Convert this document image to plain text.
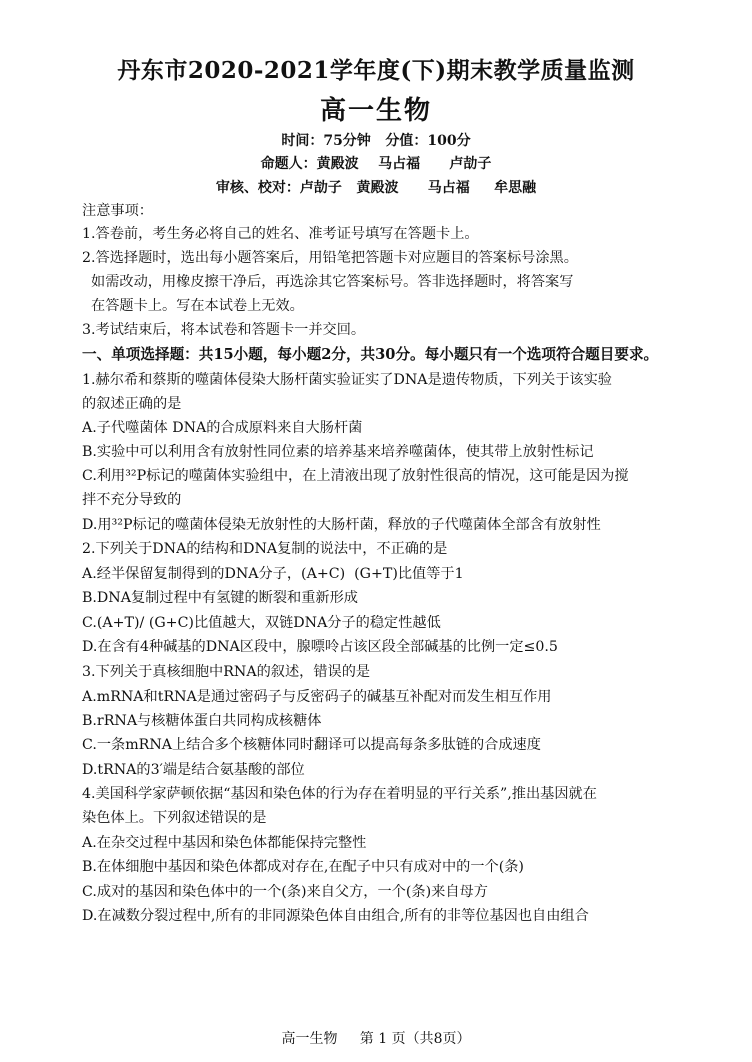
丹东市2020-2021学年度(下)期末教学质量监测
高一生物
时间：75分钟   分值：100分
命题人：黄殿波    马占福      卢劼子
审核、校对：卢劼子   黄殿波      马占福     牟思融
注意事项：
1.答卷前，考生务必将自己的姓名、准考证号填写在答题卡上。
2.答选择题时，选出每小题答案后，用铅笔把答题卡对应题目的答案标号涂黑。
如需改动，用橡皮擦干净后，再选涂其它答案标号。答非选择题时，将答案写
在答题卡上。写在本试卷上无效。
3.考试结束后，将本试卷和答题卡一并交回。
一、单项选择题：共15小题，每小题2分，共30分。每小题只有一个选项符合题目要求。
1.赫尔希和蔡斯的噬菌体侵染大肠杆菌实验证实了DNA是遗传物质，下列关于该实验
的叙述正确的是
A.子代噬菌体 DNA的合成原料来自大肠杆菌
B.实验中可以利用含有放射性同位素的培养基来培养噬菌体，使其带上放射性标记
C.利用³²P标记的噬菌体实验组中，在上清液出现了放射性很高的情况，这可能是因为搅
拌不充分导致的
D.用³²P标记的噬菌体侵染无放射性的大肠杆菌，释放的子代噬菌体全部含有放射性
2.下列关于DNA的结构和DNA复制的说法中，不正确的是
A.经半保留复制得到的DNA分子，(A+C)  (G+T)比值等于1
B.DNA复制过程中有氢键的断裂和重新形成
C.(A+T)/ (G+C)比值越大，双链DNA分子的稳定性越低
D.在含有4种碱基的DNA区段中，腺嘌呤占该区段全部碱基的比例一定≤0.5
3.下列关于真核细胞中RNA的叙述，错误的是
A.mRNA和tRNA是通过密码子与反密码子的碱基互补配对而发生相互作用
B.rRNA与核糖体蛋白共同构成核糖体
C.一条mRNA上结合多个核糖体同时翻译可以提高每条多肽链的合成速度
D.tRNA的3′端是结合氨基酸的部位
4.美国科学家萨顿依据“基因和染色体的行为存在着明显的平行关系”,推出基因就在
染色体上。下列叙述错误的是
A.在杂交过程中基因和染色体都能保持完整性
B.在体细胞中基因和染色体都成对存在,在配子中只有成对中的一个(条)
C.成对的基因和染色体中的一个(条)来自父方，一个(条)来自母方
D.在减数分裂过程中,所有的非同源染色体自由组合,所有的非等位基因也自由组合
高一生物     第 1 页（共8页）
